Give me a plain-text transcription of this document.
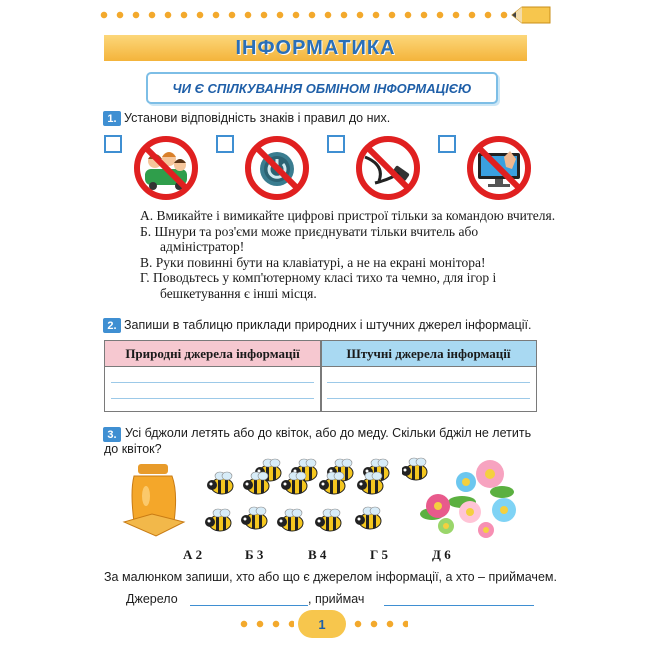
ІНФОРМАТИКА
ЧИ Є СПІЛКУВАННЯ ОБМІНОМ ІНФОРМАЦІЄЮ
1. Установи відповідність знаків і правил до них.
А. Вмикайте і вимикайте цифрові пристрої тільки за командою вчителя.
Б. Шнури та роз'єми може приєднувати тільки вчитель або адміністратор!
В. Руки повинні бути на клавіатурі, а не на екрані монітора!
Г. Поводьтесь у комп'ютерному класі тихо та чемно, для ігор і бешкетування є інші місця.
2. Запиши в таблицю приклади природних і штучних джерел інформації.
Природні джерела інформації	Штучні джерела інформації
3. Усі бджоли летять або до квіток, або до меду. Скільки бджіл не летить до квіток?
А 2	Б 3	В 4	Г 5	Д 6
За малюнком запиши, хто або що є джерелом інформації, а хто – приймачем.
Джерело	, приймач
1
